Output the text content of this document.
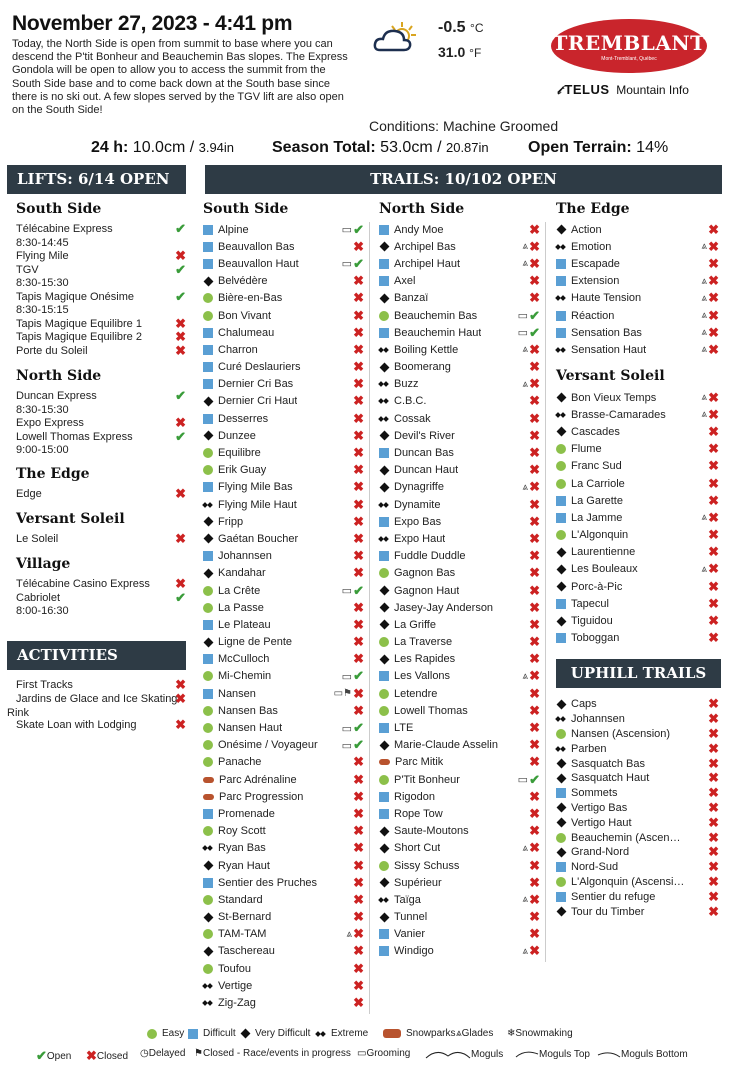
November 27, 2023 - 4:41 pm
Today, the North Side is open from summit to base where you can descend the P'tit Bonheur and Beauchemin Bas slopes. The Express Gondola will be open to allow you to access the summit from the South Side base and to come back down at the South base since there is no ski out. A few slopes served by the TGV lift are also open on the South Side!
-0.5 °C
31.0 °F	TREMBLANT
Mont-Tremblant, Québec
𝓉 TELUS Mountain Info
Conditions: Machine Groomed
24 h: 10.0cm / 3.94in Season Total: 53.0cm / 20.87in Open Terrain: 14%
LIFTS: 6/14 OPEN	TRAILS: 10/102 OPEN
South Side
Télécabine Express
8:30-14:45
✔
Flying Mile	✖
TGV
8:30-15:30
✔
Tapis Magique Onésime
8:30-15:15
✔
Tapis Magique Equilibre 1	✖
Tapis Magique Equilibre 2	✖
Porte du Soleil	✖
North Side
Duncan Express
8:30-15:30
✔
Expo Express	✖
Lowell Thomas Express
9:00-15:00
✔
The Edge
Edge	✖
Versant Soleil
Le Soleil	✖
Village
Télécabine Casino Express	✖
Cabriolet
8:00-16:30
✔
ACTIVITIES
First Tracks	✖
Jardins de Glace and Ice Skating Rink
✖
Skate Loan with Lodging	✖
South Side
Alpine	▭ ✔
Beauvallon Bas	✖
Beauvallon Haut	▭ ✔
Belvédère	✖
Bière-en-Bas	✖
Bon Vivant	✖
Chalumeau	✖
Charron	✖
Curé Deslauriers	✖
Dernier Cri Bas	✖
Dernier Cri Haut	✖
Desserres	✖
Dunzee	✖
Equilibre	✖
Erik Guay	✖
Flying Mile Bas	✖
Flying Mile Haut	✖
Fripp	✖
Gaétan Boucher	✖
Johannsen	✖
Kandahar	✖
La Crête	▭ ✔
La Passe	✖
Le Plateau	✖
Ligne de Pente	✖
McCulloch	✖
Mi-Chemin	▭ ✔
Nansen	▭⚑ ✖
Nansen Bas	✖
Nansen Haut	▭ ✔
Onésime / Voyageur ▭ ✔
Panache	✖
Parc Adrénaline	✖
Parc Progression	✖
Promenade	✖
Roy Scott	✖
Ryan Bas	✖
Ryan Haut	✖
Sentier des Pruches	✖
Standard	✖
St-Bernard	✖
TAM-TAM	⩓ ✖
Taschereau	✖
Toufou	✖
Vertige	✖
Zig-Zag	✖
North Side
Andy Moe	✖
Archipel Bas	⩓ ✖
Archipel Haut	⩓ ✖
Axel	✖
Banzaï	✖
Beauchemin Bas	▭ ✔
Beauchemin Haut	▭ ✔
Boiling Kettle	⩓ ✖
Boomerang	✖
Buzz	⩓ ✖
C.B.C.	✖
Cossak	✖
Devil's River	✖
Duncan Bas	✖
Duncan Haut	✖
Dynagriffe	⩓ ✖
Dynamite	✖
Expo Bas	✖
Expo Haut	✖
Fuddle Duddle	✖
Gagnon Bas	✖
Gagnon Haut	✖
Jasey-Jay Anderson	✖
La Griffe	✖
La Traverse	✖
Les Rapides	✖
Les Vallons	⩓ ✖
Letendre	✖
Lowell Thomas	✖
LTE	✖
Marie-Claude Asselin ✖
Parc Mitik	✖
P'Tit Bonheur	▭ ✔
Rigodon	✖
Rope Tow	✖
Saute-Moutons	✖
Short Cut	⩓ ✖
Sissy Schuss	✖
Supérieur	✖
Taïga	⩓ ✖
Tunnel	✖
Vanier	✖
Windigo	⩓ ✖
The Edge
Action	✖
Emotion	⩓ ✖
Escapade	✖
Extension	⩓ ✖
Haute Tension	⩓ ✖
Réaction	⩓ ✖
Sensation Bas	⩓ ✖
Sensation Haut	⩓ ✖
Versant Soleil
Bon Vieux Temps	⩓ ✖
Brasse-Camarades	⩓ ✖
Cascades	✖
Flume	✖
Franc Sud	✖
La Carriole	✖
La Garette	✖
La Jamme	⩓ ✖
L'Algonquin	✖
Laurentienne	✖
Les Bouleaux	⩓ ✖
Porc-à-Pic	✖
Tapecul	✖
Tiguidou	✖
Toboggan	✖
UPHILL TRAILS
Caps	✖
Johannsen	✖
Nansen (Ascension)	✖
Parben	✖
Sasquatch Bas	✖
Sasquatch Haut	✖
Sommets	✖
Vertigo Bas	✖
Vertigo Haut	✖
Beauchemin (Ascen… ✖
Grand-Nord	✖
Nord-Sud	✖
L'Algonquin (Ascensi… ✖
Sentier du refuge	✖
Tour du Timber	✖
Easy Difficult Very Difficult Extreme	Snowparks ⩓ Glades ❄ Snowmaking
✔ Open ✖ Closed ◷ Delayed ⚑ Closed - Race/events in progress ▭ Grooming	Moguls	Moguls Top	Moguls Bottom
